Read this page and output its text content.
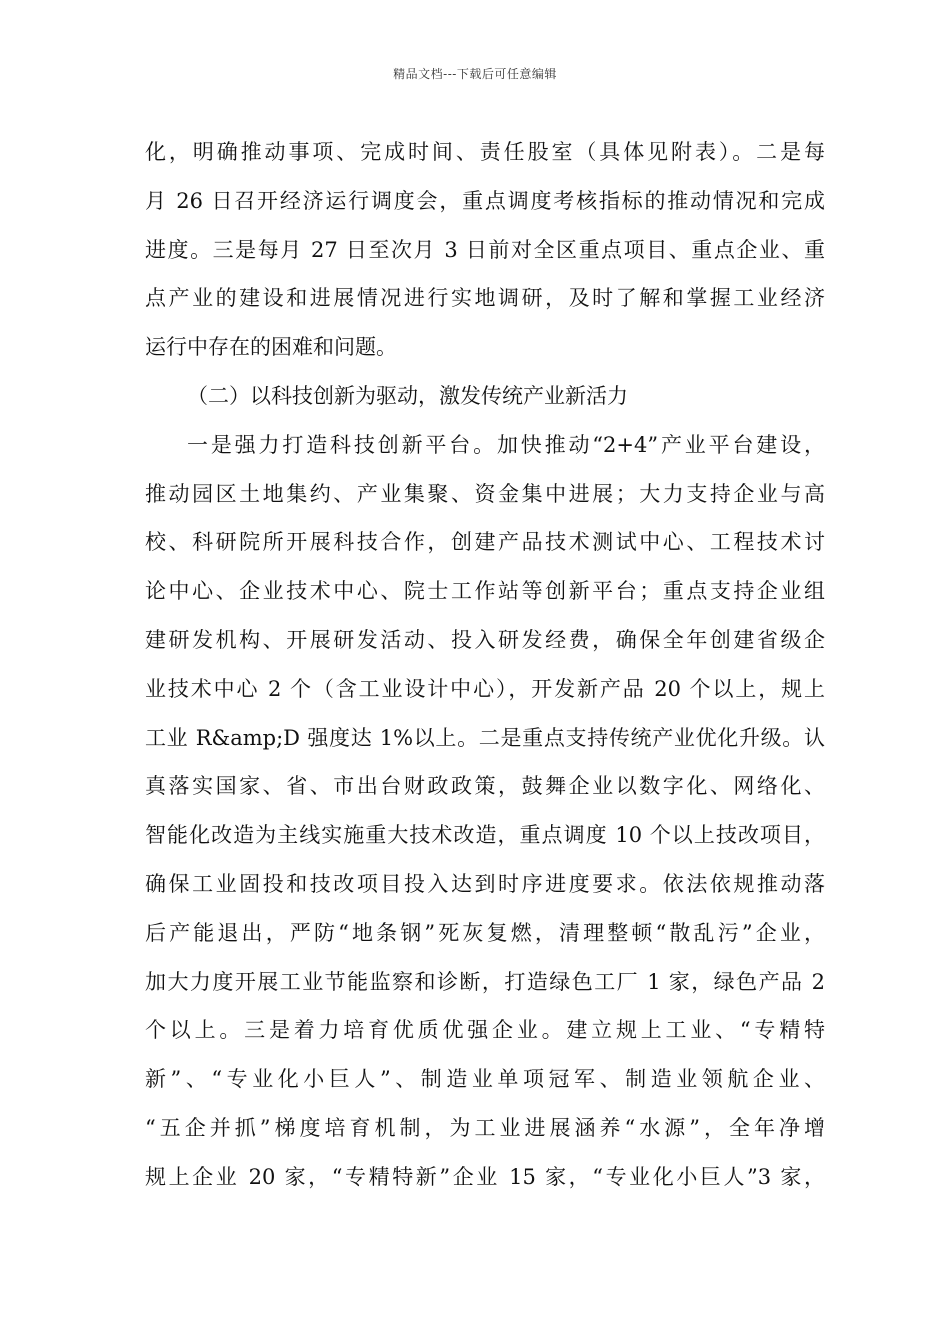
精品文档---下载后可任意编辑
化，明确推动事项、完成时间、责任股室（具体见附表）。二是每
月 26 日召开经济运行调度会，重点调度考核指标的推动情况和完成
进度。三是每月 27 日至次月 3 日前对全区重点项目、重点企业、重
点产业的建设和进展情况进行实地调研，及时了解和掌握工业经济
运行中存在的困难和问题。
（二）以科技创新为驱动，激发传统产业新活力
一是强力打造科技创新平台。加快推动“2+4”产业平台建设，
推动园区土地集约、产业集聚、资金集中进展；大力支持企业与高
校、科研院所开展科技合作，创建产品技术测试中心、工程技术讨
论中心、企业技术中心、院士工作站等创新平台；重点支持企业组
建研发机构、开展研发活动、投入研发经费，确保全年创建省级企
业技术中心 2 个（含工业设计中心），开发新产品 20 个以上，规上
工业 R&amp;D 强度达 1%以上。二是重点支持传统产业优化升级。认
真落实国家、省、市出台财政政策，鼓舞企业以数字化、网络化、
智能化改造为主线实施重大技术改造，重点调度 10 个以上技改项目，
确保工业固投和技改项目投入达到时序进度要求。依法依规推动落
后产能退出，严防“地条钢”死灰复燃，清理整顿“散乱污”企业，
加大力度开展工业节能监察和诊断，打造绿色工厂 1 家，绿色产品 2
个以上。三是着力培育优质优强企业。建立规上工业、“专精特
新”、“专业化小巨人”、制造业单项冠军、制造业领航企业、
“五企并抓”梯度培育机制，为工业进展涵养“水源”，全年净增
规上企业 20 家，“专精特新”企业 15 家，“专业化小巨人”3 家，
